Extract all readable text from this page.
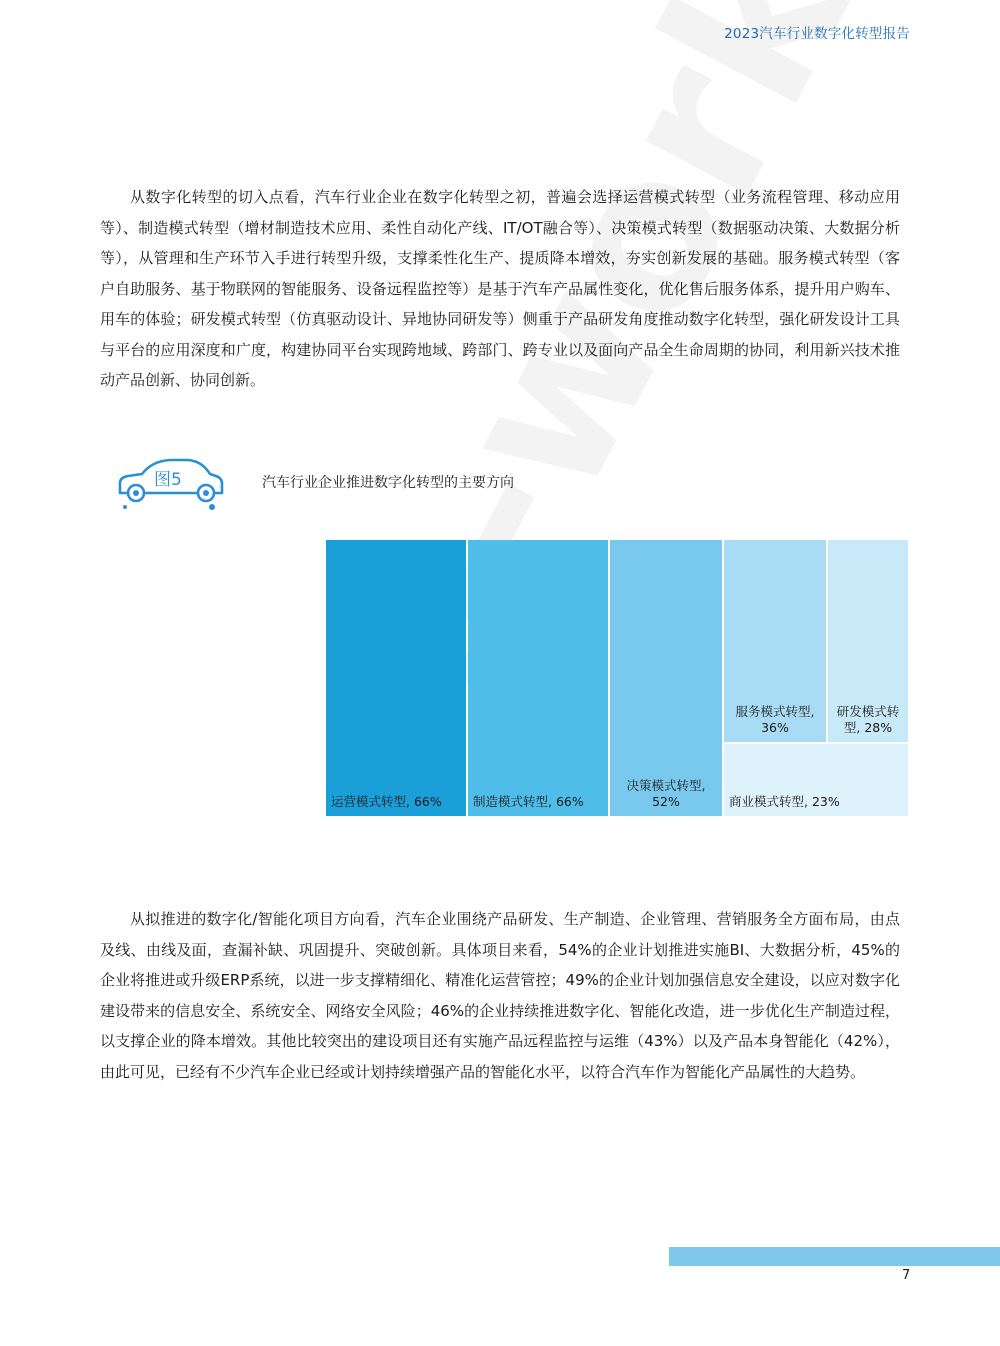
2023汽车行业数字化转型报告

从数字化转型的切入点看，汽车行业企业在数字化转型之初，普遍会选择运营模式转型（业务流程管理、移动应用等）、制造模式转型（增材制造技术应用、柔性自动化产线、IT/OT融合等）、决策模式转型（数据驱动决策、大数据分析等），从管理和生产环节入手进行转型升级，支撑柔性化生产、提质降本增效，夯实创新发展的基础。服务模式转型（客户自助服务、基于物联网的智能服务、设备远程监控等）是基于汽车产品属性变化，优化售后服务体系，提升用户购车、用车的体验；研发模式转型（仿真驱动设计、异地协同研发等）侧重于产品研发角度推动数字化转型，强化研发设计工具与平台的应用深度和广度，构建协同平台实现跨地域、跨部门、跨专业以及面向产品全生命周期的协同，利用新兴技术推动产品创新、协同创新。

图5	汽车行业企业推进数字化转型的主要方向
运营模式转型, 66%	制造模式转型, 66%
决策模式转型,
52%
服务模式转型,
36%
研发模式转
型, 28%
商业模式转型, 23%

从拟推进的数字化/智能化项目方向看，汽车企业围绕产品研发、生产制造、企业管理、营销服务全方面布局，由点及线、由线及面，查漏补缺、巩固提升、突破创新。具体项目来看，54%的企业计划推进实施BI、大数据分析，45%的企业将推进或升级ERP系统，以进一步支撑精细化、精准化运营管控；49%的企业计划加强信息安全建设，以应对数字化建设带来的信息安全、系统安全、网络安全风险；46%的企业持续推进数字化、智能化改造，进一步优化生产制造过程，以支撑企业的降本增效。其他比较突出的建设项目还有实施产品远程监控与运维（43%）以及产品本身智能化（42%），由此可见，已经有不少汽车企业已经或计划持续增强产品的智能化水平，以符合汽车作为智能化产品属性的大趋势。

7
